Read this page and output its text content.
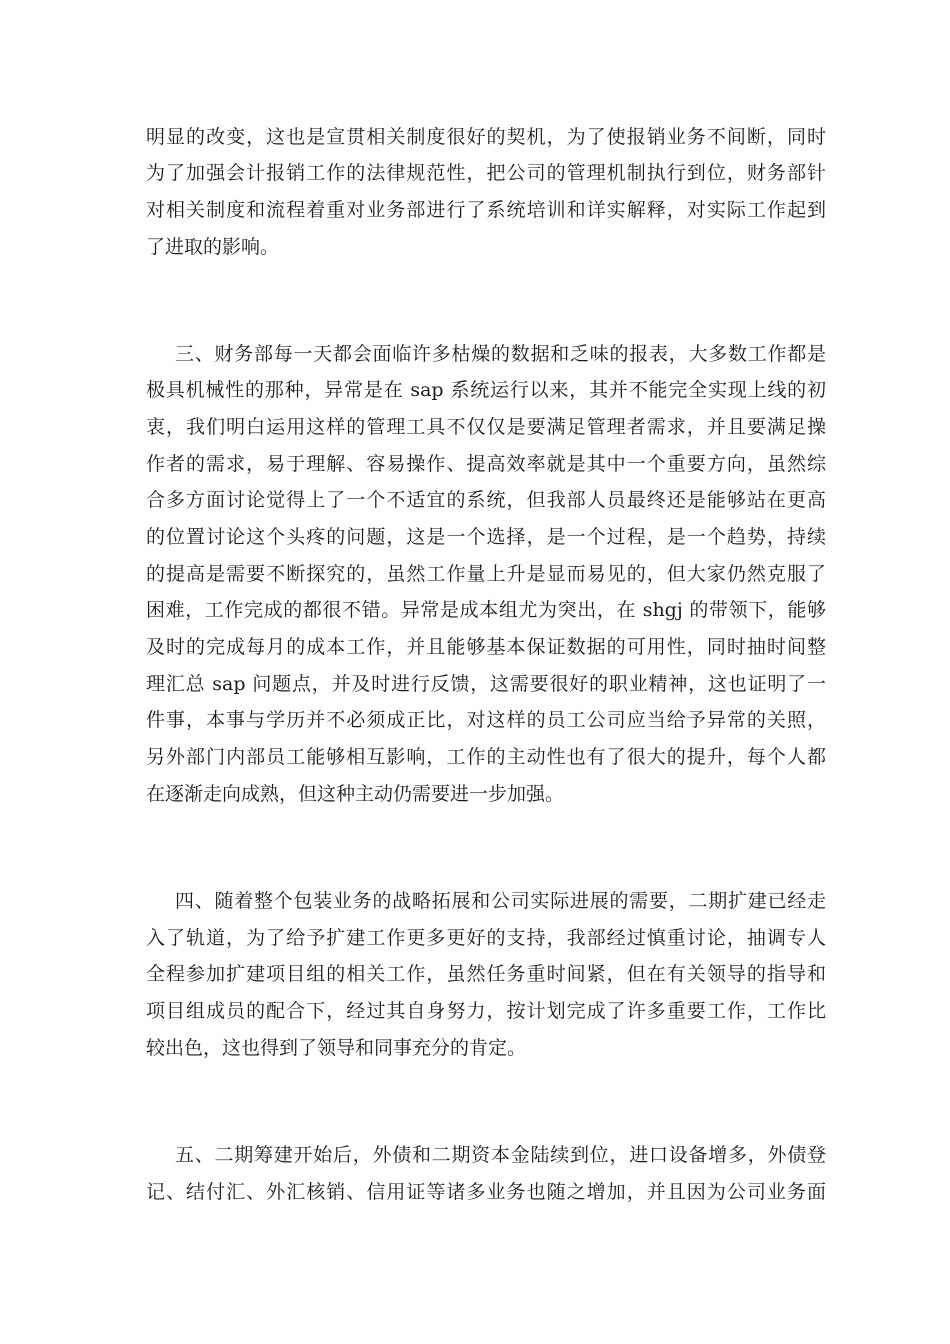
明显的改变，这也是宣贯相关制度很好的契机，为了使报销业务不间断，同时
为了加强会计报销工作的法律规范性，把公司的管理机制执行到位，财务部针
对相关制度和流程着重对业务部进行了系统培训和详实解释，对实际工作起到
了进取的影响。
三、财务部每一天都会面临许多枯燥的数据和乏味的报表，大多数工作都是
极具机械性的那种，异常是在 sap 系统运行以来，其并不能完全实现上线的初
衷，我们明白运用这样的管理工具不仅仅是要满足管理者需求，并且要满足操
作者的需求，易于理解、容易操作、提高效率就是其中一个重要方向，虽然综
合多方面讨论觉得上了一个不适宜的系统，但我部人员最终还是能够站在更高
的位置讨论这个头疼的问题，这是一个选择，是一个过程，是一个趋势，持续
的提高是需要不断探究的，虽然工作量上升是显而易见的，但大家仍然克服了
困难，工作完成的都很不错。异常是成本组尤为突出，在 shgj 的带领下，能够
及时的完成每月的成本工作，并且能够基本保证数据的可用性，同时抽时间整
理汇总 sap 问题点，并及时进行反馈，这需要很好的职业精神，这也证明了一
件事，本事与学历并不必须成正比，对这样的员工公司应当给予异常的关照，
另外部门内部员工能够相互影响，工作的主动性也有了很大的提升，每个人都
在逐渐走向成熟，但这种主动仍需要进一步加强。
四、随着整个包装业务的战略拓展和公司实际进展的需要，二期扩建已经走
入了轨道，为了给予扩建工作更多更好的支持，我部经过慎重讨论，抽调专人
全程参加扩建项目组的相关工作，虽然任务重时间紧，但在有关领导的指导和
项目组成员的配合下，经过其自身努力，按计划完成了许多重要工作，工作比
较出色，这也得到了领导和同事充分的肯定。
五、二期筹建开始后，外债和二期资本金陆续到位，进口设备增多，外债登
记、结付汇、外汇核销、信用证等诸多业务也随之增加，并且因为公司业务面
